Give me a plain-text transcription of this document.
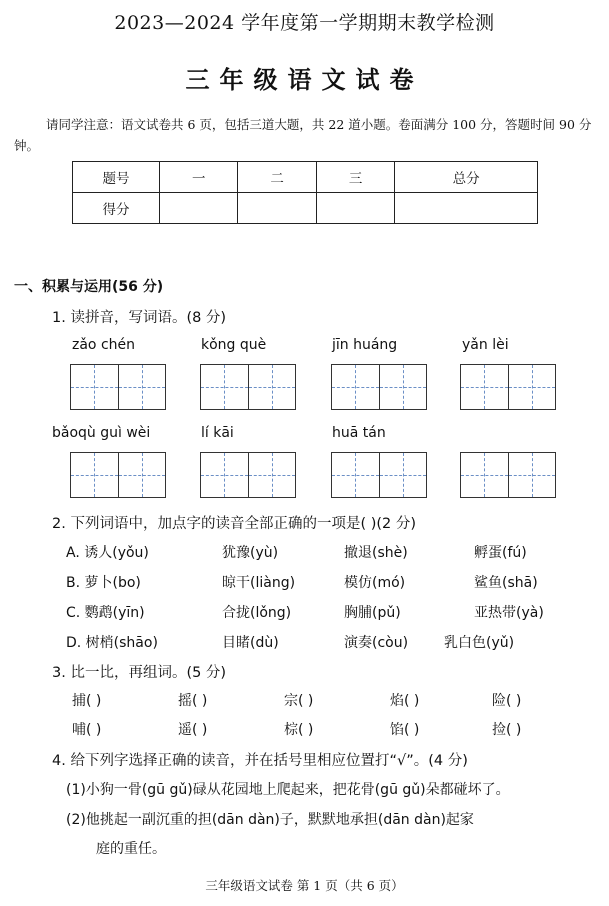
2023—2024 学年度第一学期期末教学检测
三年级语文试卷
请同学注意：语文试卷共 6 页，包括三道大题，共 22 道小题。卷面满分 100 分，答题时间 90 分钟。
题号	一	二	三	总分
得分				
一、积累与运用(56 分)
1. 读拼音，写词语。(8 分)
zǎo chén	kǒng què	jīn huáng	yǎn lèi
bǎoqù guì wèi	lí kāi	huā tán
2. 下列词语中，加点字的读音全部正确的一项是( )(2 分)
A. 诱人(yǒu)	犹豫(yù)	撤退(shè)	孵蛋(fú)
B. 萝卜(bo)	晾干(liàng)	模仿(mó)	鲨鱼(shā)
C. 鹦鹉(yīn)	合拢(lǒng)	胸脯(pǔ)	亚热带(yà)
D. 树梢(shāo)	目睹(dù)	演奏(còu)	乳白色(yǔ)
3. 比一比，再组词。(5 分)
捕( )	摇( )	宗( )	焰( )	险( )
哺( )	遥( )	棕( )	馅( )	捡( )
4. 给下列字选择正确的读音，并在括号里相应位置打“√”。(4 分)
(1)小狗一骨(gū gǔ)碌从花园地上爬起来，把花骨(gū gǔ)朵都碰坏了。
(2)他挑起一副沉重的担(dān dàn)子，默默地承担(dān dàn)起家
庭的重任。
三年级语文试卷 第 1 页（共 6 页）
